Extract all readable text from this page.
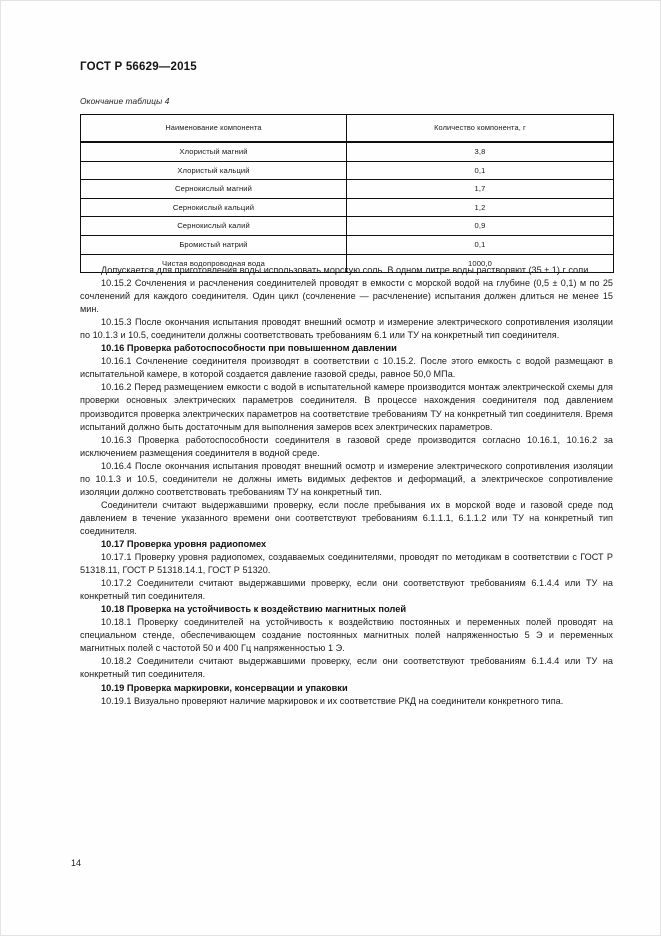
ГОСТ Р 56629—2015
Окончание таблицы 4
Наименование компонента	Количество компонента, г
Хлористый магний	3,8
Хлористый кальций	0,1
Сернокислый магний	1,7
Сернокислый кальций	1,2
Сернокислый калий	0,9
Бромистый натрий	0,1
Чистая водопроводная вода	1000,0

Допускается для приготовления воды использовать морскую соль. В одном литре воды растворяют (35 ± 1) г соли.

10.15.2 Сочленения и расчленения соединителей проводят в емкости с морской водой на глубине (0,5 ± 0,1) м по 25 сочленений для каждого соединителя. Один цикл (сочленение — расчленение) испытания должен длиться не менее 15 мин.

10.15.3 После окончания испытания проводят внешний осмотр и измерение электрического сопротивления изоляции по 10.1.3 и 10.5, соединители должны соответствовать требованиям 6.1 или ТУ на конкретный тип соединителя.

10.16 Проверка работоспособности при повышенном давлении

10.16.1 Сочленение соединителя производят в соответствии с 10.15.2. После этого емкость с водой размещают в испытательной камере, в которой создается давление газовой среды, равное 50,0 МПа.

10.16.2 Перед размещением емкости с водой в испытательной камере производится монтаж электрической схемы для проверки основных электрических параметров соединителя. В процессе нахождения соединителя под давлением производится проверка электрических параметров на соответствие требованиям ТУ на конкретный тип соединителя. Время испытаний должно быть достаточным для выполнения замеров всех электрических параметров.

10.16.3 Проверка работоспособности соединителя в газовой среде производится согласно 10.16.1, 10.16.2 за исключением размещения соединителя в водной среде.

10.16.4 После окончания испытания проводят внешний осмотр и измерение электрического сопротивления изоляции по 10.1.3 и 10.5, соединители не должны иметь видимых дефектов и деформаций, а электрическое сопротивление изоляции должно соответствовать требованиям ТУ на конкретный тип.

Соединители считают выдержавшими проверку, если после пребывания их в морской воде и газовой среде под давлением в течение указанного времени они соответствуют требованиям 6.1.1.1, 6.1.1.2 или ТУ на конкретный тип соединителя.

10.17 Проверка уровня радиопомех

10.17.1 Проверку уровня радиопомех, создаваемых соединителями, проводят по методикам в соответствии с ГОСТ Р 51318.11, ГОСТ Р 51318.14.1, ГОСТ Р 51320.

10.17.2 Соединители считают выдержавшими проверку, если они соответствуют требованиям 6.1.4.4 или ТУ на конкретный тип соединителя.

10.18 Проверка на устойчивость к воздействию магнитных полей

10.18.1 Проверку соединителей на устойчивость к воздействию постоянных и переменных полей проводят на специальном стенде, обеспечивающем создание постоянных магнитных полей напряженностью 5 Э и переменных магнитных полей с частотой 50 и 400 Гц напряженностью 1 Э.

10.18.2 Соединители считают выдержавшими проверку, если они соответствуют требованиям 6.1.4.4 или ТУ на конкретный тип соединителя.

10.19 Проверка маркировки, консервации и упаковки

10.19.1 Визуально проверяют наличие маркировок и их соответствие РКД на соединители конкретного типа.

14
